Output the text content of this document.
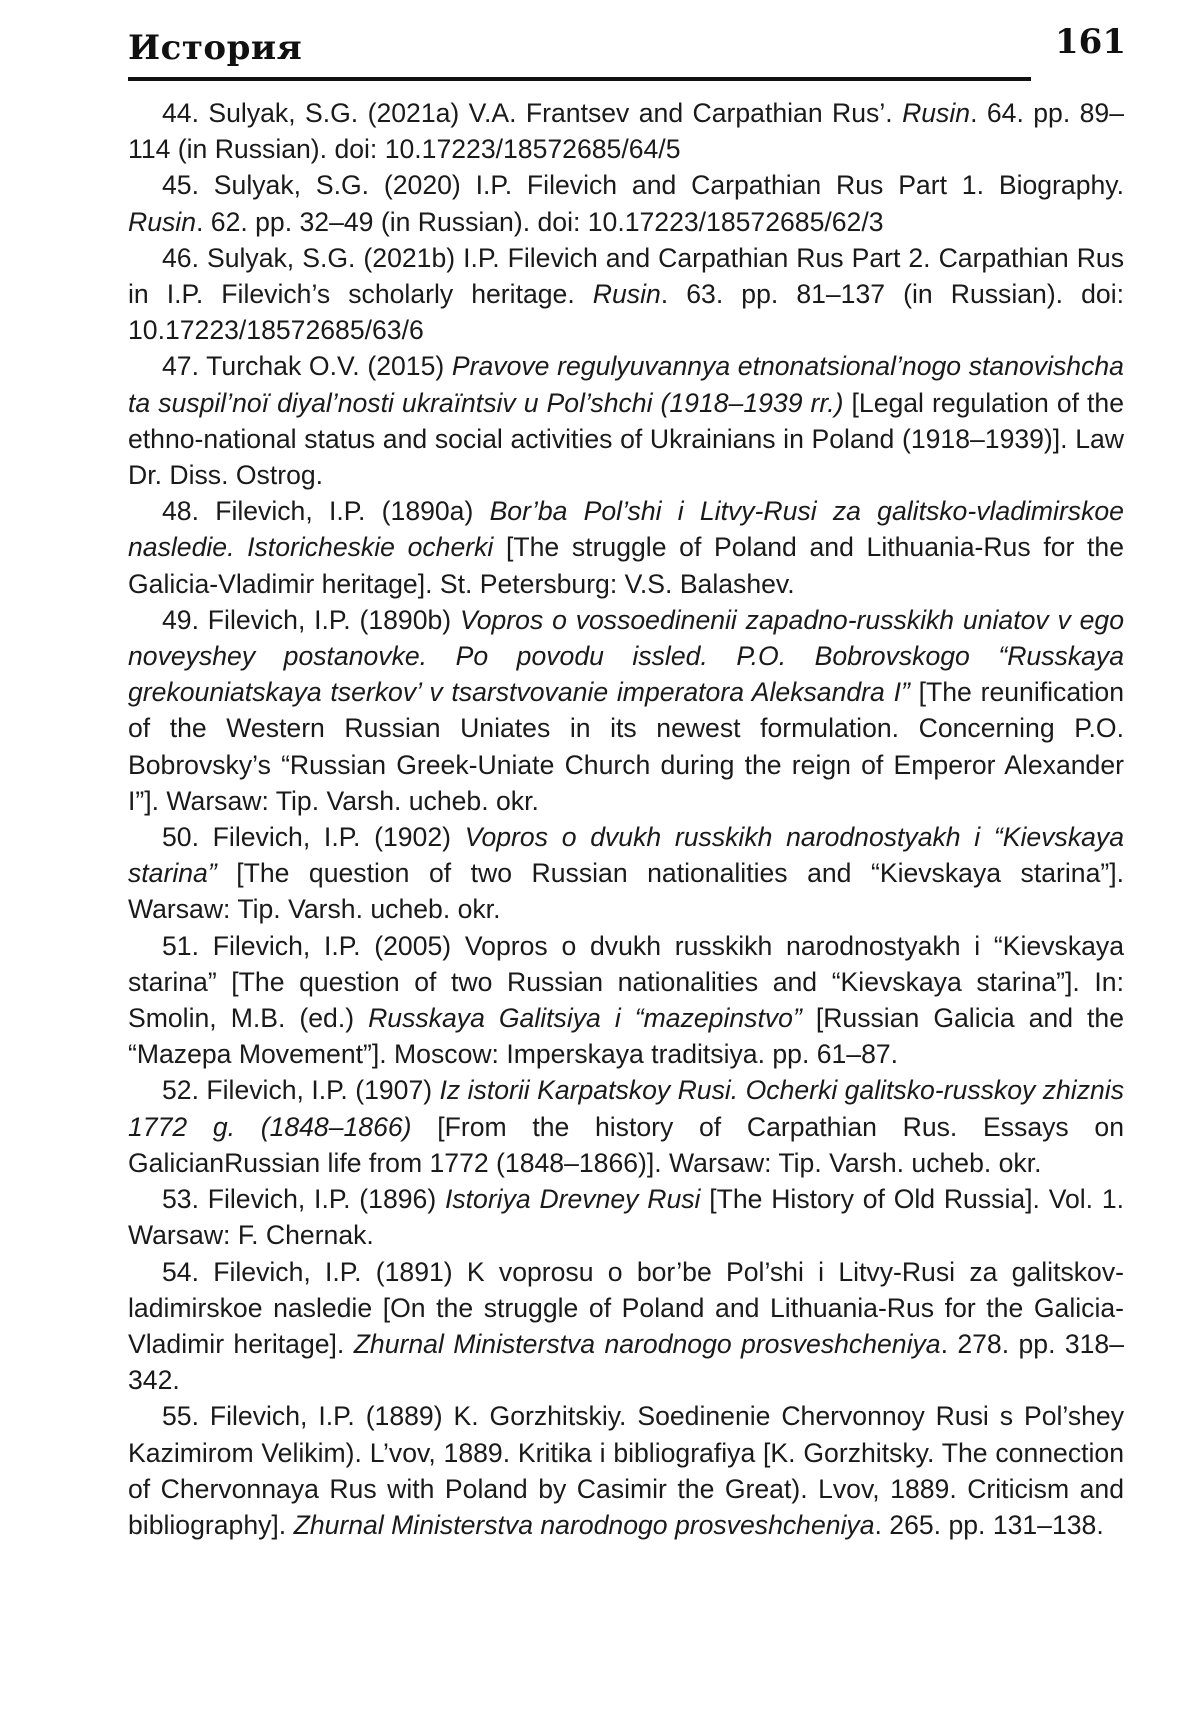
История	161

44. Sulyak, S.G. (2021a) V.A. Frantsev and Carpathian Rus’. Rusin. 64. pp. 89–114 (in Russian). doi: 10.17223/18572685/64/5

45. Sulyak, S.G. (2020) I.P. Filevich and Carpathian Rus Part 1. Biography. Rusin. 62. pp. 32–49 (in Russian). doi: 10.17223/18572685/62/3

46. Sulyak, S.G. (2021b) I.P. Filevich and Carpathian Rus Part 2. Carpathian Rus in I.P. Filevich’s scholarly heritage. Rusin. 63. pp. 81–137 (in Russian). doi: 10.17223/18572685/63/6

47. Turchak O.V. (2015) Pravove regulyuvannya etnonatsional’nogo stanovishcha ta suspil’noï diyal’nosti ukraïntsiv u Pol’shchi (1918–1939 rr.) [Legal regulation of the ethno-national status and social activities of Ukrainians in Poland (1918–1939)]. Law Dr. Diss. Ostrog.

48. Filevich, I.P. (1890a) Bor’ba Pol’shi i Litvy-Rusi za galitsko-vladimirskoe nasledie. Istoricheskie ocherki [The struggle of Poland and Lithuania-Rus for the Galicia-Vladimir heritage]. St. Petersburg: V.S. Balashev.

49. Filevich, I.P. (1890b) Vopros o vossoedinenii zapadno-russkikh uniatov v ego noveyshey postanovke. Po povodu issled. P.O. Bobrovskogo “Russkaya grekouniatskaya tserkov’ v tsarstvovanie imperatora Aleksandra I” [The reunification of the Western Russian Uniates in its newest formulation. Concerning P.O. Bobrovsky’s “Russian Greek-Uniate Church during the reign of Emperor Alexander I”]. Warsaw: Tip. Varsh. ucheb. okr.

50. Filevich, I.P. (1902) Vopros o dvukh russkikh narodnostyakh i “Kievskaya starina” [The question of two Russian nationalities and “Kievskaya starina”]. Warsaw: Tip. Varsh. ucheb. okr.

51. Filevich, I.P. (2005) Vopros o dvukh russkikh narodnostyakh i “Kievskaya starina” [The question of two Russian nationalities and “Kievskaya starina”]. In: Smolin, M.B. (ed.) Russkaya Galitsiya i “mazepinstvo” [Russian Galicia and the “Mazepa Movement”]. Moscow: Imperskaya traditsiya. pp. 61–87.

52. Filevich, I.P. (1907) Iz istorii Karpatskoy Rusi. Ocherki galitsko-russkoy zhiznis 1772 g. (1848–1866) [From the history of Carpathian Rus. Essays on GalicianRussian life from 1772 (1848–1866)]. Warsaw: Tip. Varsh. ucheb. okr.

53. Filevich, I.P. (1896) Istoriya Drevney Rusi [The History of Old Russia]. Vol. 1. Warsaw: F. Chernak.

54. Filevich, I.P. (1891) K voprosu o bor’be Pol’shi i Litvy-Rusi za galitskovladimirskoe nasledie [On the struggle of Poland and Lithuania-Rus for the Galicia-Vladimir heritage]. Zhurnal Ministerstva narodnogo prosveshcheniya. 278. pp. 318–342.

55. Filevich, I.P. (1889) K. Gorzhitskiy. Soedinenie Chervonnoy Rusi s Pol’shey Kazimirom Velikim). L’vov, 1889. Kritika i bibliografiya [K. Gorzhitsky. The connection of Chervonnaya Rus with Poland by Casimir the Great). Lvov, 1889. Criticism and bibliography]. Zhurnal Ministerstva narodnogo prosveshcheniya. 265. pp. 131–138.
